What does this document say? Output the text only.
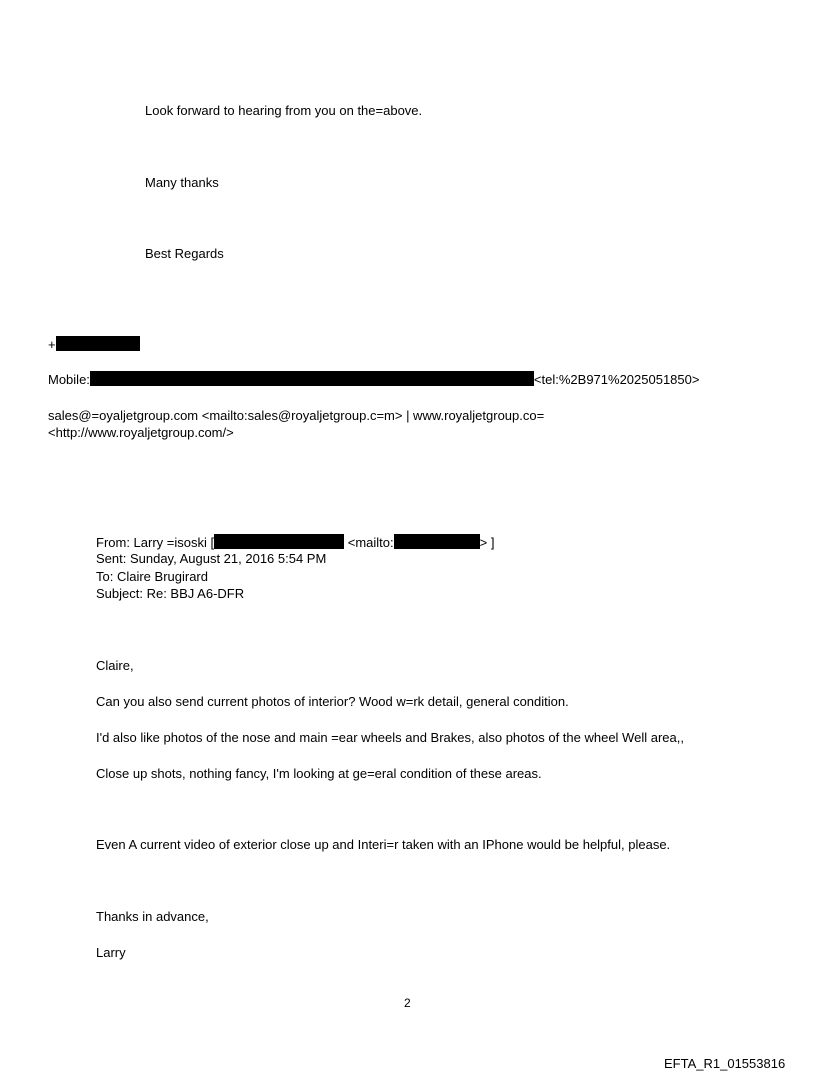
Look forward to hearing from you on the=above.
Many thanks
Best Regards
+
Mobile:	<tel:%2B971%2025051850>
sales@=oyaljetgroup.com <mailto:sales@royaljetgroup.c=m> | www.royaljetgroup.co=
<http://www.royaljetgroup.com/>
From: Larry =isoski [	<mailto:	> ]
Sent: Sunday, August 21, 2016 5:54 PM
To: Claire Brugirard
Subject: Re: BBJ A6-DFR
Claire,
Can you also send current photos of interior? Wood w=rk detail, general condition.
I'd also like photos of the nose and main =ear wheels and Brakes, also photos of the wheel Well area,,
Close up shots, nothing fancy, I'm looking at ge=eral condition of these areas.
Even A current video of exterior close up and Interi=r taken with an IPhone would be helpful, please.
Thanks in advance,
Larry
2
EFTA_R1_01553816
